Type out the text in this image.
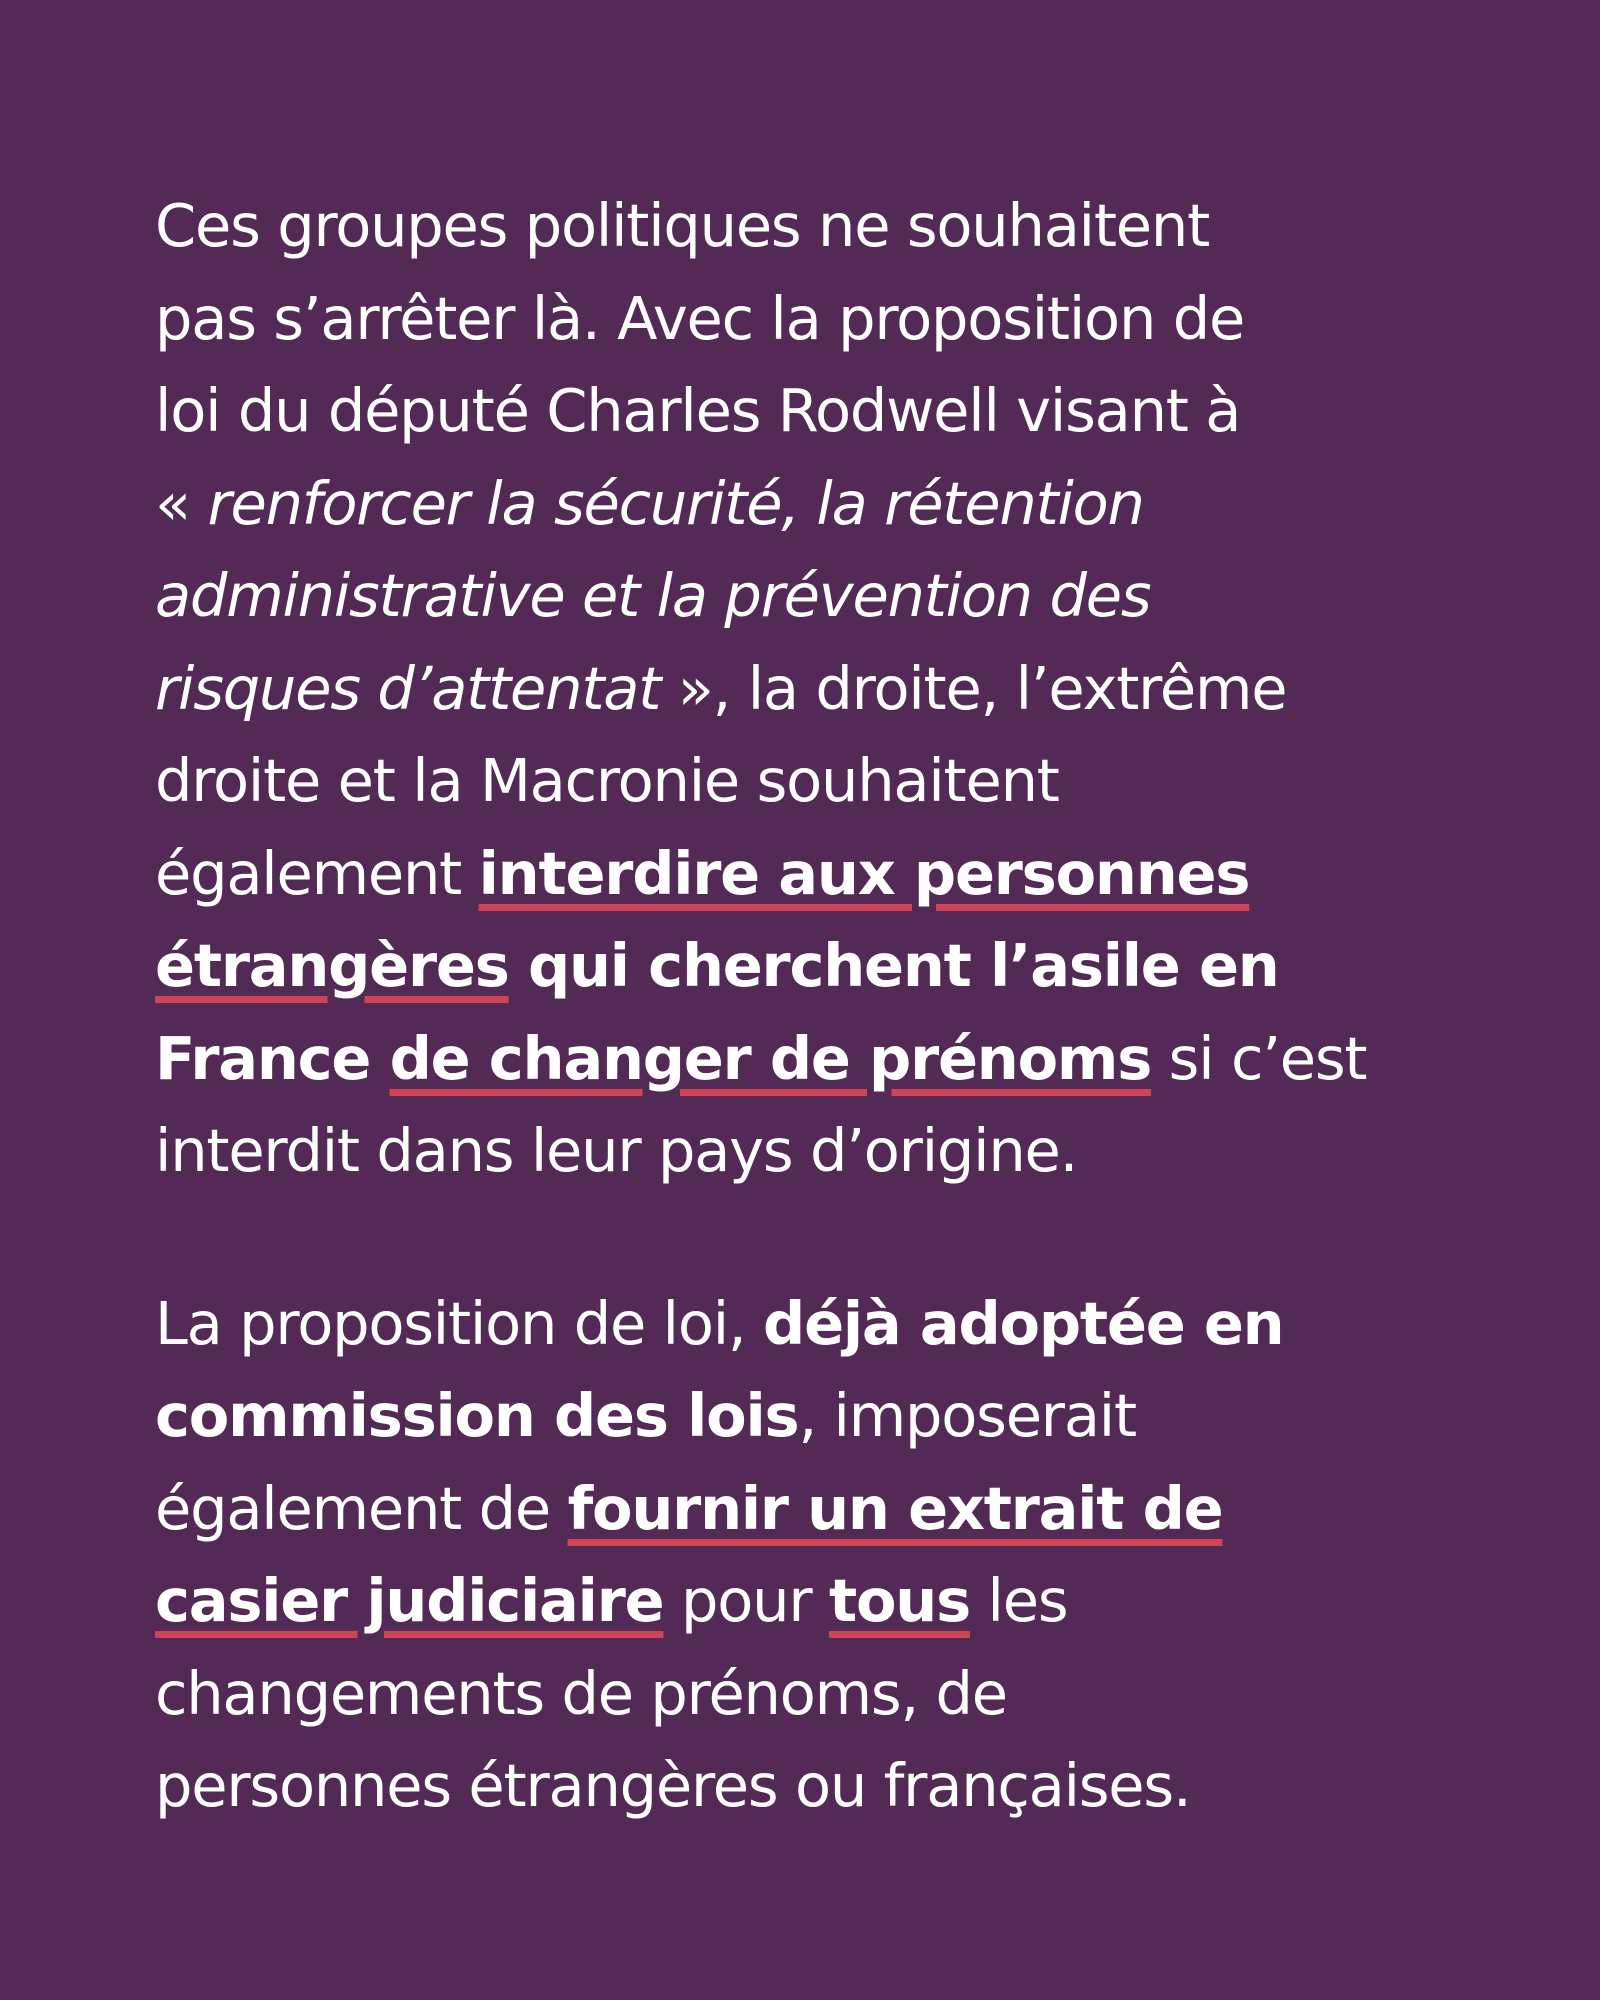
Ces groupes politiques ne souhaitent
pas s’arrêter là. Avec la proposition de
loi du député Charles Rodwell visant à
« renforcer la sécurité, la rétention
administrative et la prévention des
risques d’attentat », la droite, l’extrême
droite et la Macronie souhaitent
également interdire aux personnes
étrangères qui cherchent l’asile en
France de changer de prénoms si c’est
interdit dans leur pays d’origine.

La proposition de loi, déjà adoptée en
commission des lois, imposerait
également de fournir un extrait de
casier judiciaire pour tous les
changements de prénoms, de
personnes étrangères ou françaises.
